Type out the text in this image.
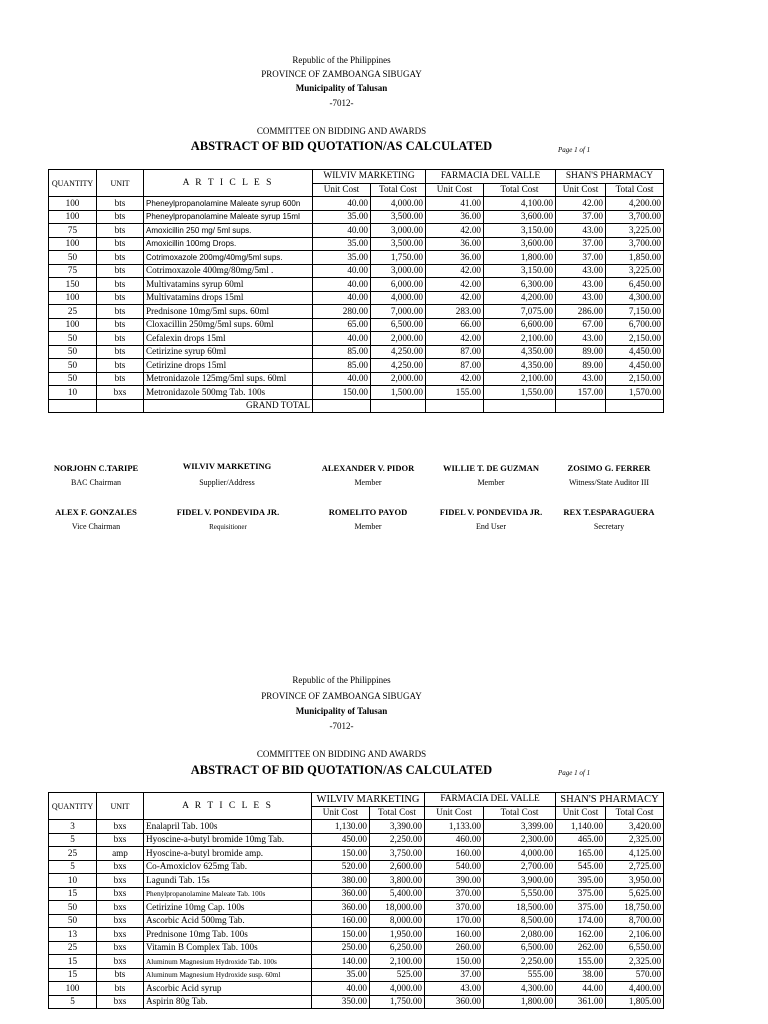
Republic of the Philippines
PROVINCE OF ZAMBOANGA SIBUGAY
Municipality of Talusan
-7012-
COMMITTEE ON BIDDING AND AWARDS
ABSTRACT OF BID QUOTATION/AS CALCULATED	Page 1 of 1
QUANTITY	UNIT	A R T I C L E S	WILVIV MARKETING		FARMACIA DEL VALLE		SHAN'S PHARMACY	
			Unit Cost	Total Cost	Unit Cost	Total Cost	Unit Cost	Total Cost
100	bts	Pheneylpropanolamine Maleate syrup 600n	40.00	4,000.00	41.00	4,100.00	42.00	4,200.00
100	bts	Pheneylpropanolamine Maleate syrup 15ml	35.00	3,500.00	36.00	3,600.00	37.00	3,700.00
75	bts	Amoxicillin 250 mg/ 5ml sups.	40.00	3,000.00	42.00	3,150.00	43.00	3,225.00
100	bts	Amoxicillin 100mg Drops.	35.00	3,500.00	36.00	3,600.00	37.00	3,700.00
50	bts	Cotrimoxazole 200mg/40mg/5ml sups.	35.00	1,750.00	36.00	1,800.00	37.00	1,850.00
75	bts	Cotrimoxazole 400mg/80mg/5ml .	40.00	3,000.00	42.00	3,150.00	43.00	3,225.00
150	bts	Multivatamins syrup 60ml	40.00	6,000.00	42.00	6,300.00	43.00	6,450.00
100	bts	Multivatamins drops 15ml	40.00	4,000.00	42.00	4,200.00	43.00	4,300.00
25	bts	Prednisone 10mg/5ml sups. 60ml	280.00	7,000.00	283.00	7,075.00	286.00	7,150.00
100	bts	Cloxacillin 250mg/5ml sups. 60ml	65.00	6,500.00	66.00	6,600.00	67.00	6,700.00
50	bts	Cefalexin drops 15ml	40.00	2,000.00	42.00	2,100.00	43.00	2,150.00
50	bts	Cetirizine syrup 60ml	85.00	4,250.00	87.00	4,350.00	89.00	4,450.00
50	bts	Cetirizine drops 15ml	85.00	4,250.00	87.00	4,350.00	89.00	4,450.00
50	bts	Metronidazole 125mg/5ml sups. 60ml	40.00	2,000.00	42.00	2,100.00	43.00	2,150.00
10	bxs	Metronidazole 500mg Tab. 100s	150.00	1,500.00	155.00	1,550.00	157.00	1,570.00
		GRAND TOTAL						
NORJOHN C.TARIPE
BAC Chairman
WILVIV MARKETING
Supplier/Address
ALEXANDER V. PIDOR
Member
WILLIE T. DE GUZMAN
Member
ZOSIMO G. FERRER
Witness/State Auditor III
ALEX F. GONZALES
Vice Chairman
FIDEL V. PONDEVIDA JR.
Requisitioner
ROMELITO PAYOD
Member
FIDEL V. PONDEVIDA JR.
End User
REX T.ESPARAGUERA
Secretary
Republic of the Philippines
PROVINCE OF ZAMBOANGA SIBUGAY
Municipality of Talusan
-7012-
COMMITTEE ON BIDDING AND AWARDS
ABSTRACT OF BID QUOTATION/AS CALCULATED	Page 1 of 1
QUANTITY	UNIT	A R T I C L E S	WILVIV MARKETING		FARMACIA DEL VALLE		SHAN'S PHARMACY	
			Unit Cost	Total Cost	Unit Cost	Total Cost	Unit Cost	Total Cost
3	bxs	Enalapril Tab. 100s	1,130.00	3,390.00	1,133.00	3,399.00	1,140.00	3,420.00
5	bxs	Hyoscine-a-butyl bromide 10mg Tab.	450.00	2,250.00	460.00	2,300.00	465.00	2,325.00
25	amp	Hyoscine-a-butyl bromide amp.	150.00	3,750.00	160.00	4,000.00	165.00	4,125.00
5	bxs	Co-Amoxiclov 625mg Tab.	520.00	2,600.00	540.00	2,700.00	545.00	2,725.00
10	bxs	Lagundi Tab. 15s	380.00	3,800.00	390.00	3,900.00	395.00	3,950.00
15	bxs	Phenylpropanolamine Maleate Tab. 100s	360.00	5,400.00	370.00	5,550.00	375.00	5,625.00
50	bxs	Cetirizine 10mg Cap. 100s	360.00	18,000.00	370.00	18,500.00	375.00	18,750.00
50	bxs	Ascorbic Acid 500mg Tab.	160.00	8,000.00	170.00	8,500.00	174.00	8,700.00
13	bxs	Prednisone 10mg Tab. 100s	150.00	1,950.00	160.00	2,080.00	162.00	2,106.00
25	bxs	Vitamin B Complex Tab. 100s	250.00	6,250.00	260.00	6,500.00	262.00	6,550.00
15	bxs	Aluminum Magnesium Hydroxide Tab. 100s	140.00	2,100.00	150.00	2,250.00	155.00	2,325.00
15	bts	Aluminum Magnesium Hydroxide susp. 60ml	35.00	525.00	37.00	555.00	38.00	570.00
100	bts	Ascorbic Acid syrup	40.00	4,000.00	43.00	4,300.00	44.00	4,400.00
5	bxs	Aspirin 80g Tab.	350.00	1,750.00	360.00	1,800.00	361.00	1,805.00
